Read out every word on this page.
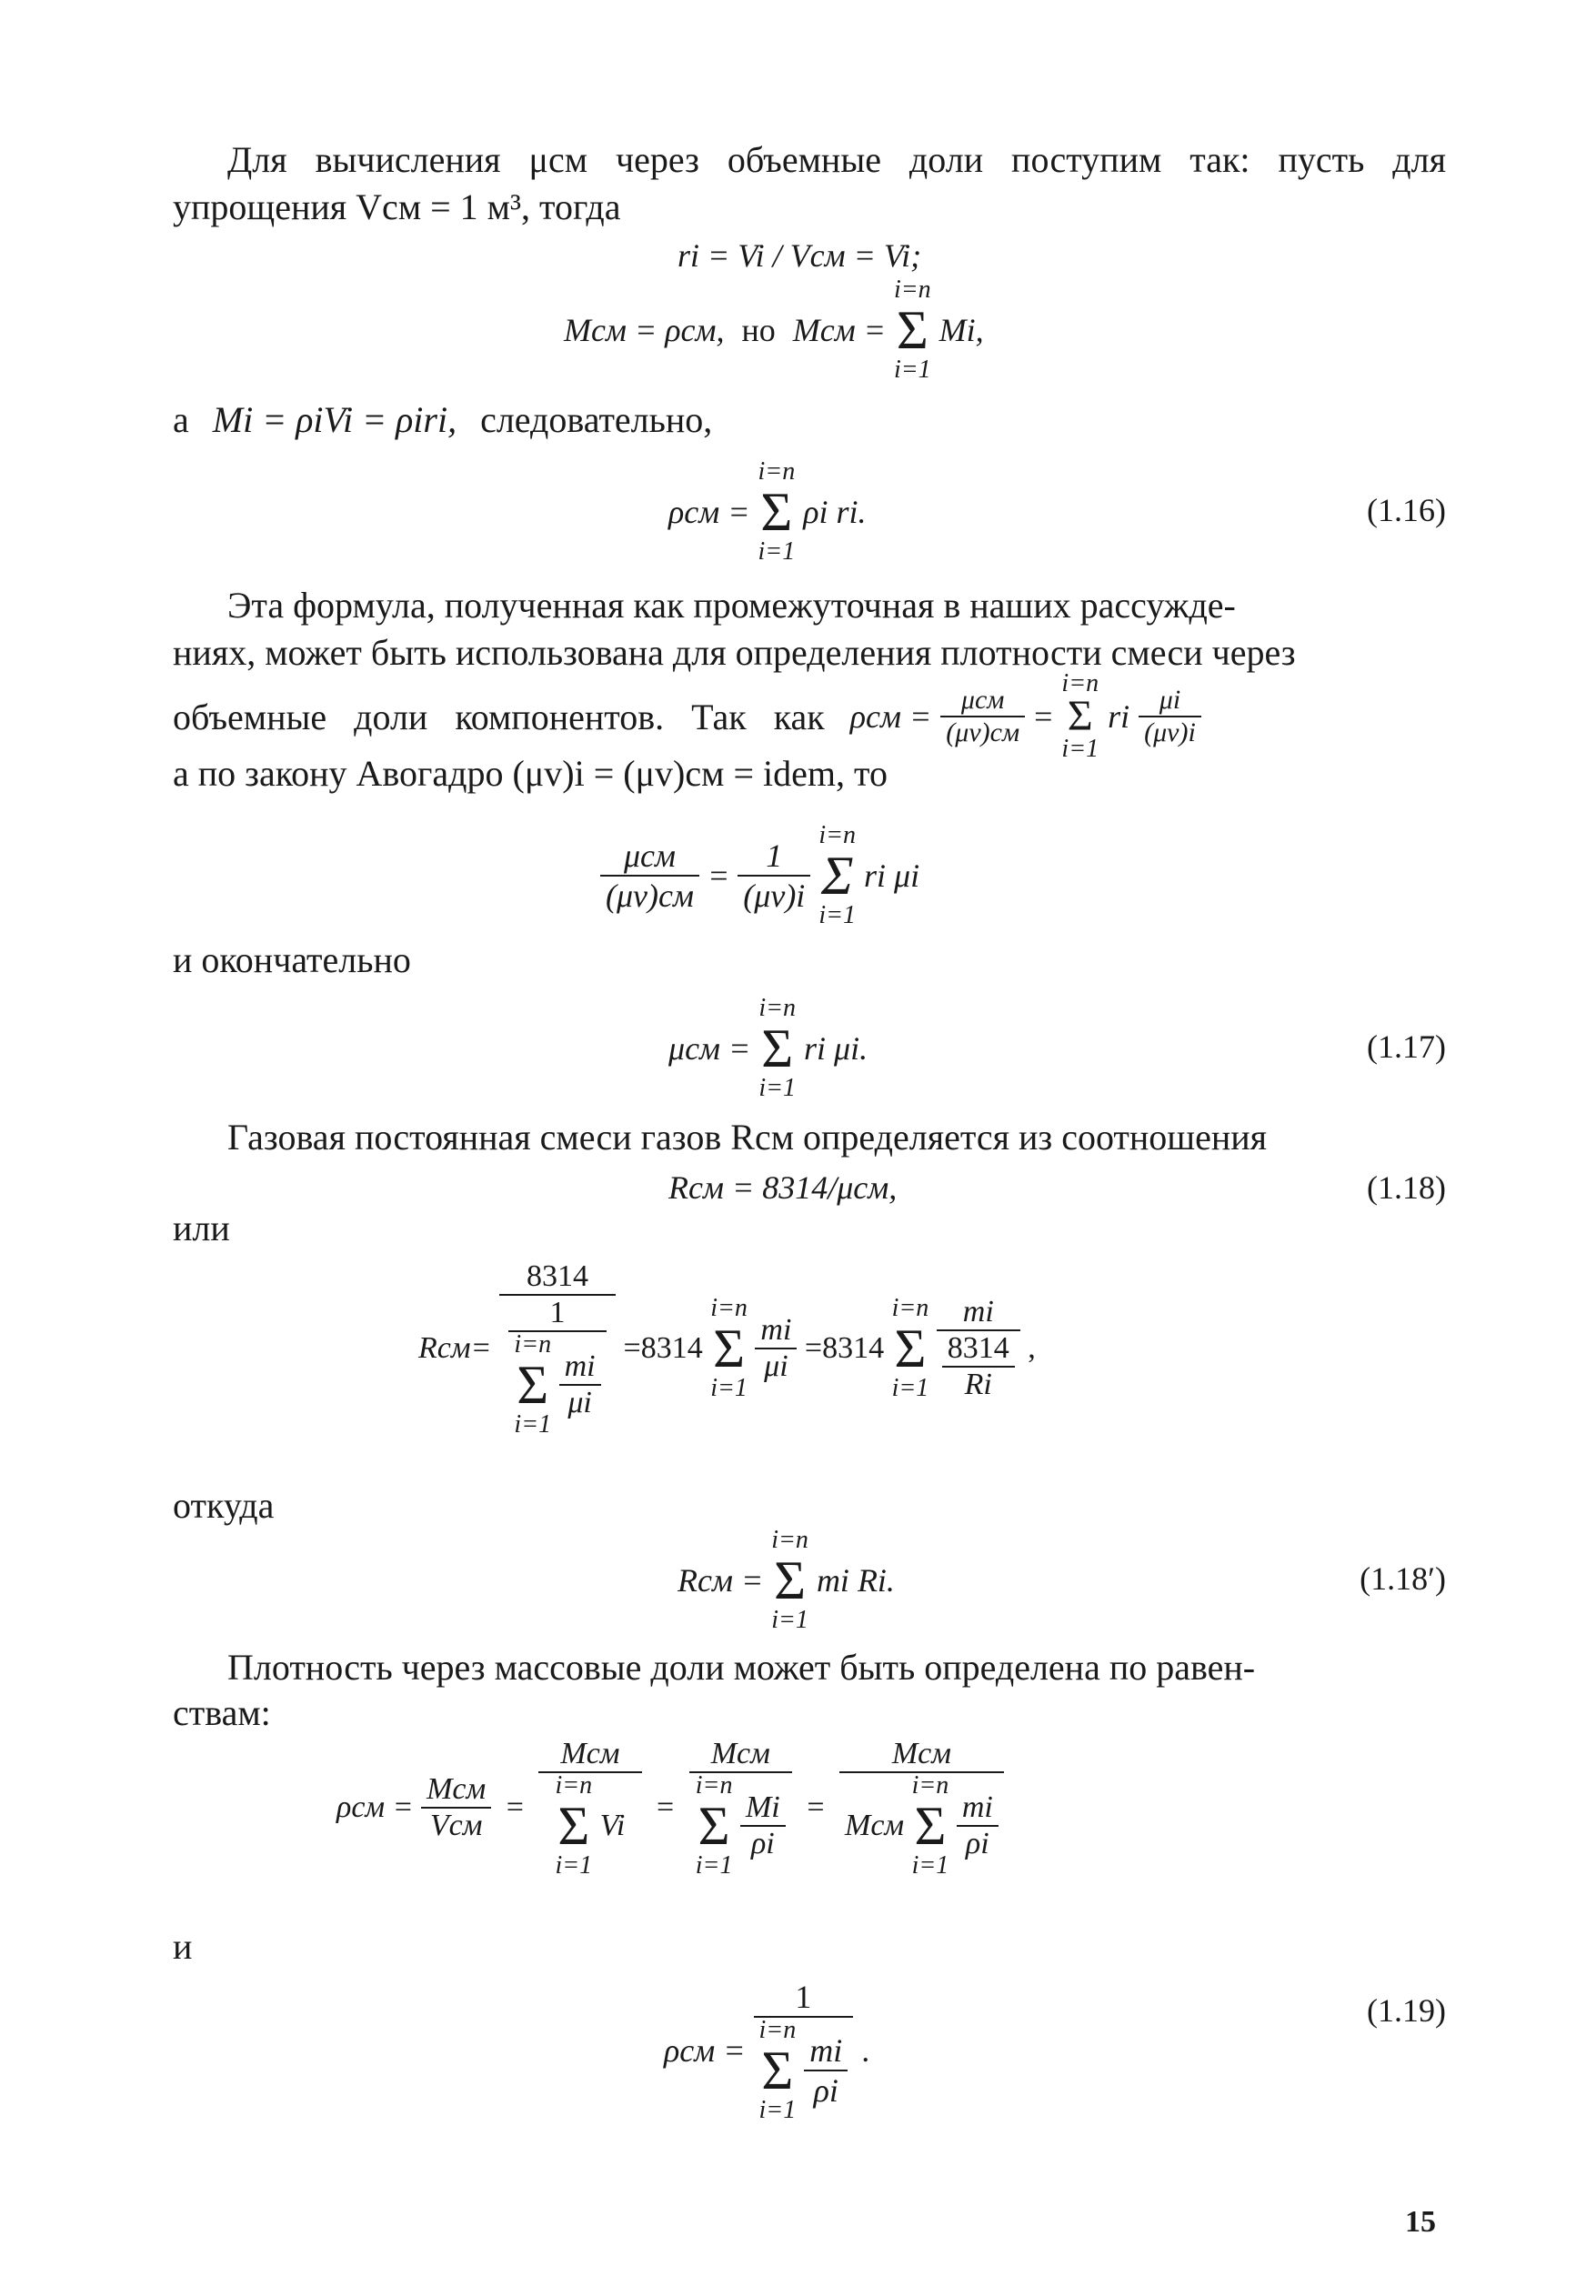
Для вычисления μсм через объемные доли поступим так: пусть для упрощения Vсм = 1 м³, тогда
ri = Vi / Vсм = Vi;
Mсм = ρсм, но Mсм =
i=n
Σ
i=1
Mi,
а Mi = ρiVi = ρiri, следовательно,
ρсм =
i=n
Σ
i=1
ρi ri.	(1.16)
Эта формула, полученная как промежуточная в наших рассужде-
ниях, может быть использована для определения плотности смеси через
объемные доли компонентов. Так как $\rho см = \frac{\text{μсм}}{(\mu v)см}$ =
i=n
Σ
i=1
ri $\frac{\mu i}{(\mu v)i}$
а по закону Авогадро (μv)i = (μv)см = idem, то
$\frac{\text{μсм}}{(\mu v)см} = \frac{1}{(\mu v)i}$

i=n
Σ
i=1
ri μi
и окончательно
μсм =
i=n
Σ
i=1
ri μi.	(1.17)
Газовая постоянная смеси газов Rсм определяется из соотношения
Rсм = 8314/μсм,	(1.18)
или
Rсм=
8314
1
i=n
Σ
i=1

$\frac{mi}{\mu i}$
=8314
i=n
Σ
i=1

$\frac{mi}{\mu i} =8314$
i=n
Σ
i=1
$\frac{mi}{\frac{8314}{Ri}}$ ,
откуда
Rсм =
i=n
Σ
i=1
mi Ri.	(1.18′)
Плотность через массовые доли может быть определена по равен-
ствам:
$\rho см = \frac{\text{Mсм}}{\text{Vсм}}$ = Mсм
i=n
Σ
i=1
Vi =
Mсм
i=n
Σ
i=1

$\frac{Mi}{\rho i}$ =
Mсм
Mсм
i=n
Σ
i=1

$\frac{mi}{\rho i}$
и
ρсм =
1
i=n
Σ
i=1

$\frac{mi}{\rho i}$ .
(1.19)
15
